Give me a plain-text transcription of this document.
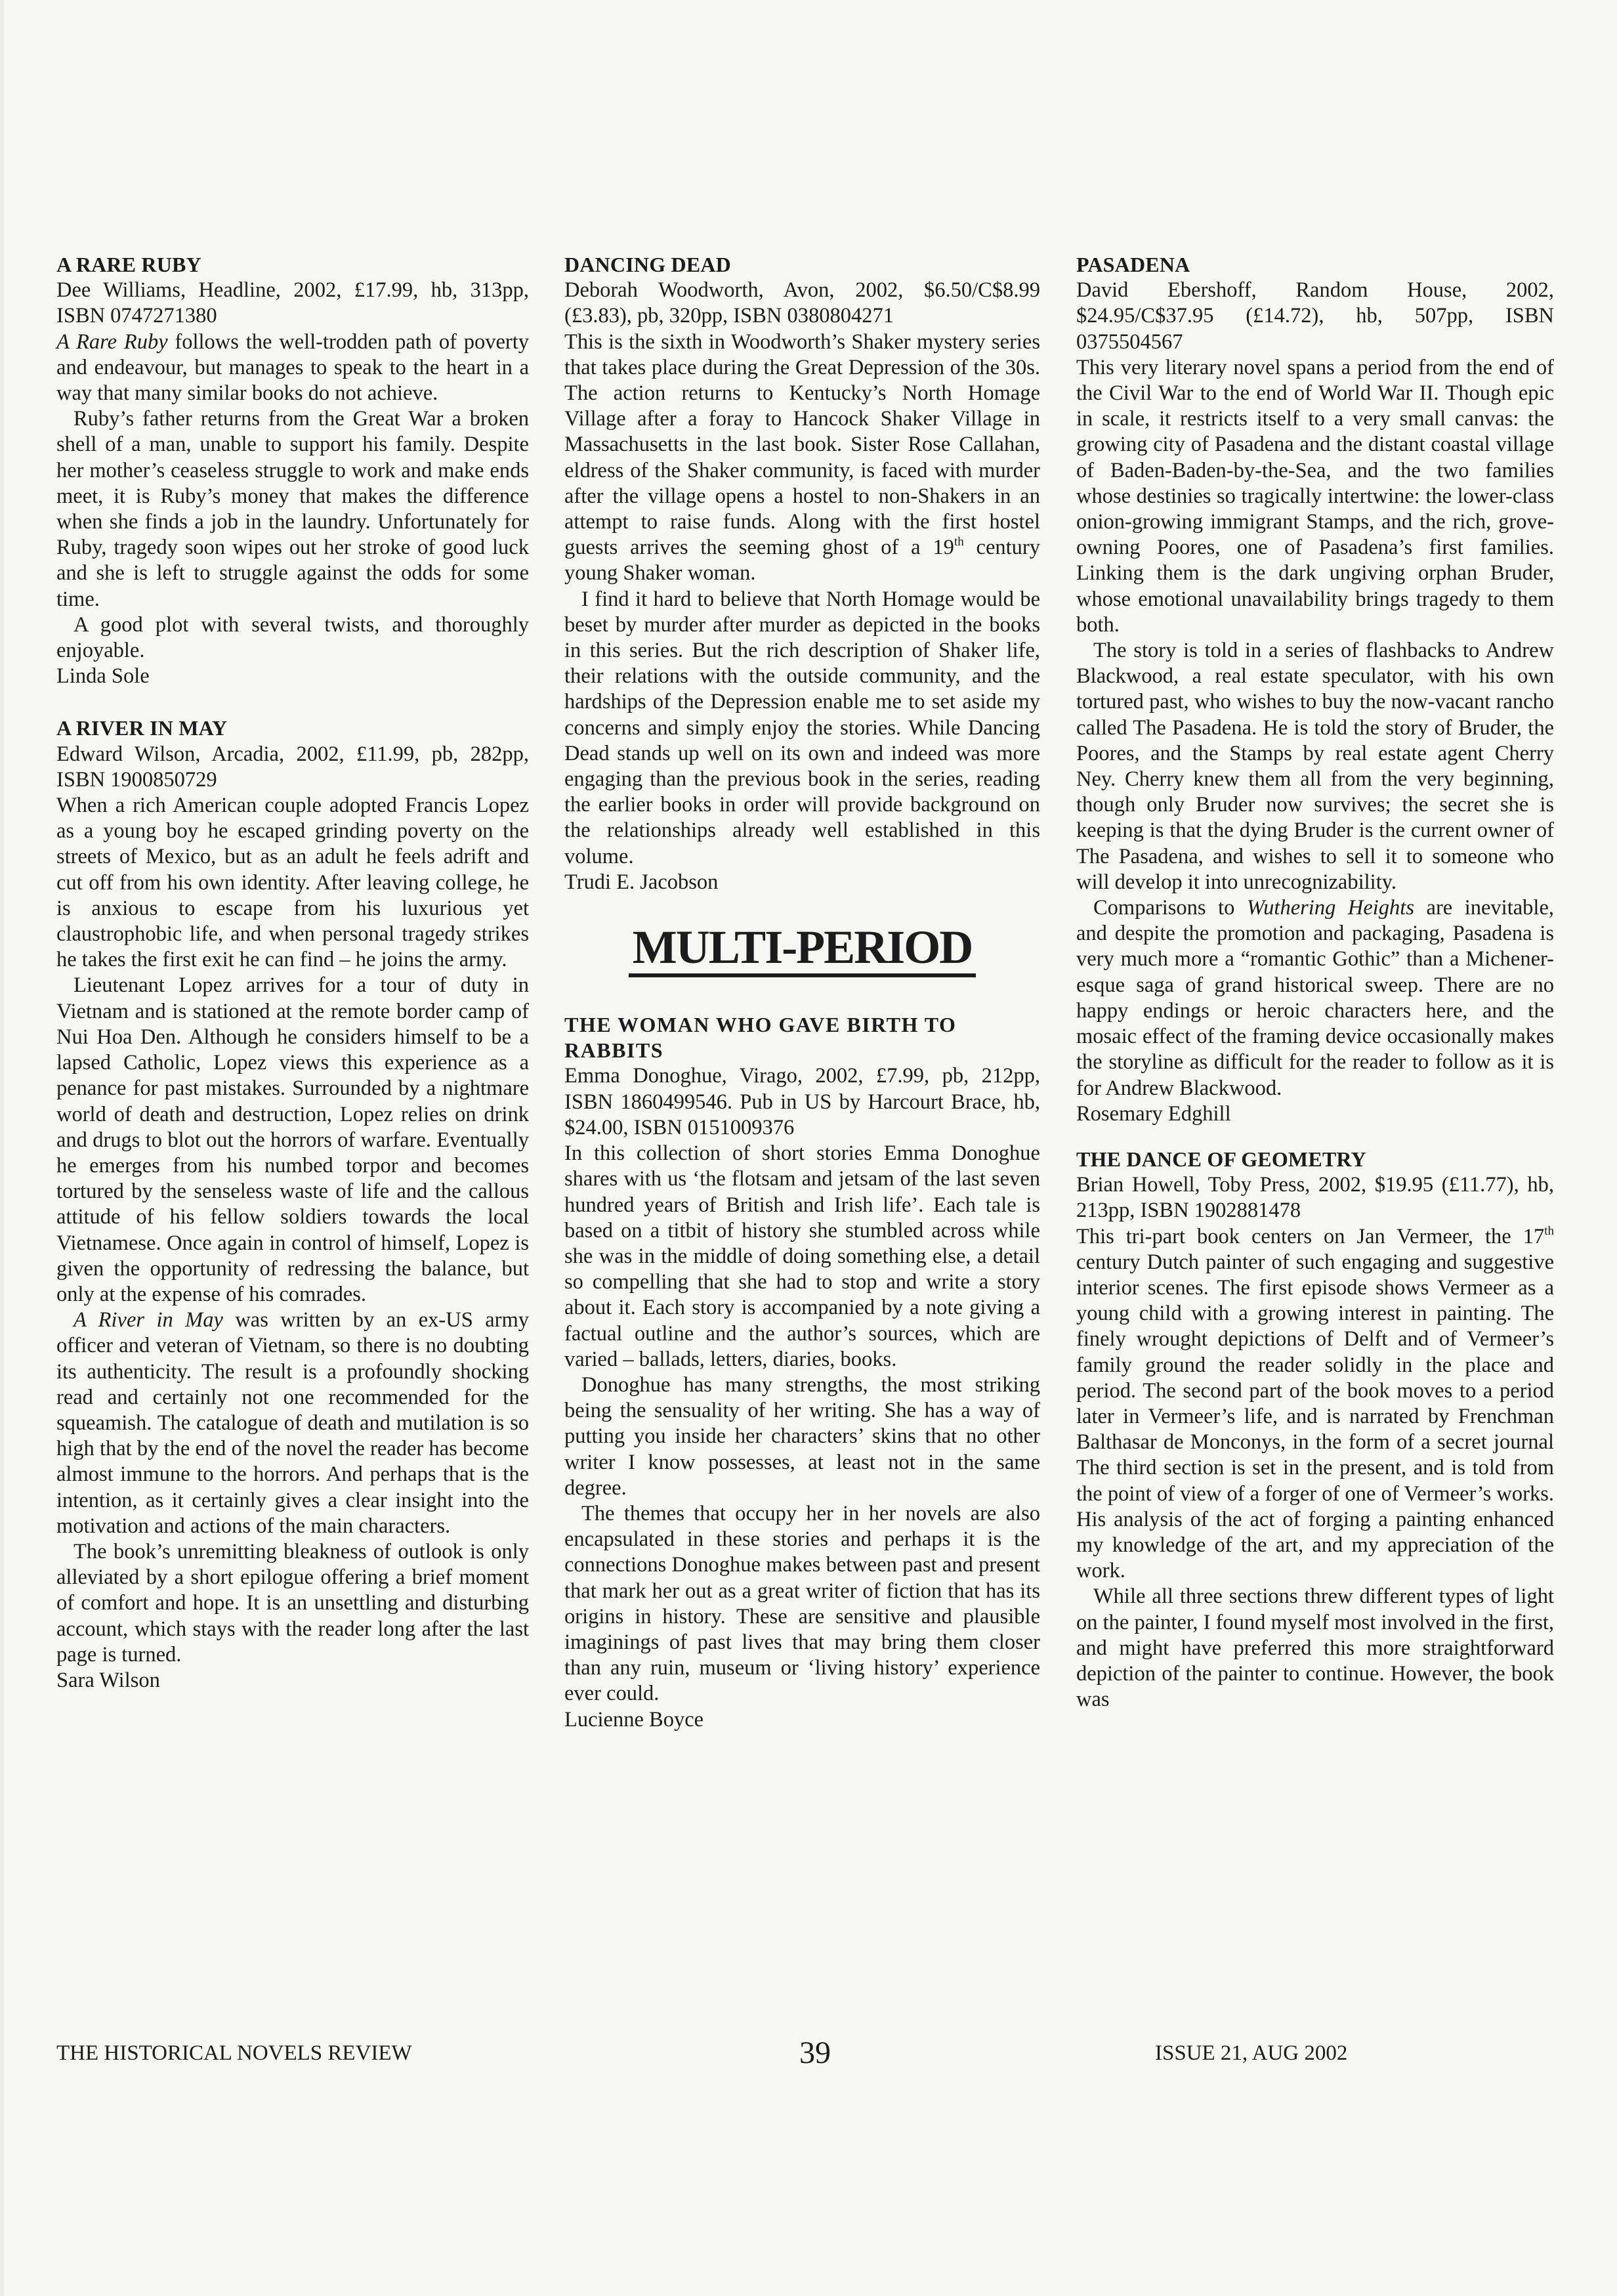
A RARE RUBY

Dee Williams, Headline, 2002, £17.99, hb, 313pp, ISBN 0747271380

A Rare Ruby follows the well-trodden path of poverty and endeavour, but manages to speak to the heart in a way that many similar books do not achieve.

Ruby’s father returns from the Great War a broken shell of a man, unable to support his family. Despite her mother’s ceaseless struggle to work and make ends meet, it is Ruby’s money that makes the difference when she finds a job in the laundry. Unfortunately for Ruby, tragedy soon wipes out her stroke of good luck and she is left to struggle against the odds for some time.

A good plot with several twists, and thoroughly enjoyable.

Linda Sole

A RIVER IN MAY

Edward Wilson, Arcadia, 2002, £11.99, pb, 282pp, ISBN 1900850729

When a rich American couple adopted Francis Lopez as a young boy he escaped grinding poverty on the streets of Mexico, but as an adult he feels adrift and cut off from his own identity. After leaving college, he is anxious to escape from his luxurious yet claustrophobic life, and when personal tragedy strikes he takes the first exit he can find – he joins the army.

Lieutenant Lopez arrives for a tour of duty in Vietnam and is stationed at the remote border camp of Nui Hoa Den. Although he considers himself to be a lapsed Catholic, Lopez views this experience as a penance for past mistakes. Surrounded by a nightmare world of death and destruction, Lopez relies on drink and drugs to blot out the horrors of warfare. Eventually he emerges from his numbed torpor and becomes tortured by the senseless waste of life and the callous attitude of his fellow soldiers towards the local Vietnamese. Once again in control of himself, Lopez is given the opportunity of redressing the balance, but only at the expense of his comrades.

A River in May was written by an ex-US army officer and veteran of Vietnam, so there is no doubting its authenticity. The result is a profoundly shocking read and certainly not one recommended for the squeamish. The catalogue of death and mutilation is so high that by the end of the novel the reader has become almost immune to the horrors. And perhaps that is the intention, as it certainly gives a clear insight into the motivation and actions of the main characters.

The book’s unremitting bleakness of outlook is only alleviated by a short epilogue offering a brief moment of comfort and hope. It is an unsettling and disturbing account, which stays with the reader long after the last page is turned.

Sara Wilson

DANCING DEAD

Deborah Woodworth, Avon, 2002, $6.50/C$8.99 (£3.83), pb, 320pp, ISBN 0380804271

This is the sixth in Woodworth’s Shaker mystery series that takes place during the Great Depression of the 30s. The action returns to Kentucky’s North Homage Village after a foray to Hancock Shaker Village in Massachusetts in the last book. Sister Rose Callahan, eldress of the Shaker community, is faced with murder after the village opens a hostel to non-Shakers in an attempt to raise funds. Along with the first hostel guests arrives the seeming ghost of a 19th century young Shaker woman.

I find it hard to believe that North Homage would be beset by murder after murder as depicted in the books in this series. But the rich description of Shaker life, their relations with the outside community, and the hardships of the Depression enable me to set aside my concerns and simply enjoy the stories. While Dancing Dead stands up well on its own and indeed was more engaging than the previous book in the series, reading the earlier books in order will provide background on the relationships already well established in this volume.

Trudi E. Jacobson

MULTI-PERIOD
THE WOMAN WHO GAVE BIRTH TO RABBITS

Emma Donoghue, Virago, 2002, £7.99, pb, 212pp, ISBN 1860499546. Pub in US by Harcourt Brace, hb, $24.00, ISBN 0151009376

In this collection of short stories Emma Donoghue shares with us ‘the flotsam and jetsam of the last seven hundred years of British and Irish life’. Each tale is based on a titbit of history she stumbled across while she was in the middle of doing something else, a detail so compelling that she had to stop and write a story about it. Each story is accompanied by a note giving a factual outline and the author’s sources, which are varied – ballads, letters, diaries, books.

Donoghue has many strengths, the most striking being the sensuality of her writing. She has a way of putting you inside her characters’ skins that no other writer I know possesses, at least not in the same degree.

The themes that occupy her in her novels are also encapsulated in these stories and perhaps it is the connections Donoghue makes between past and present that mark her out as a great writer of fiction that has its origins in history. These are sensitive and plausible imaginings of past lives that may bring them closer than any ruin, museum or ‘living history’ experience ever could.

Lucienne Boyce

PASADENA

David Ebershoff, Random House, 2002, $24.95/C$37.95 (£14.72), hb, 507pp, ISBN 0375504567

This very literary novel spans a period from the end of the Civil War to the end of World War II. Though epic in scale, it restricts itself to a very small canvas: the growing city of Pasadena and the distant coastal village of Baden-Baden-by-the-Sea, and the two families whose destinies so tragically intertwine: the lower-class onion-growing immigrant Stamps, and the rich, grove-owning Poores, one of Pasadena’s first families. Linking them is the dark ungiving orphan Bruder, whose emotional unavailability brings tragedy to them both.

The story is told in a series of flashbacks to Andrew Blackwood, a real estate speculator, with his own tortured past, who wishes to buy the now-vacant rancho called The Pasadena. He is told the story of Bruder, the Poores, and the Stamps by real estate agent Cherry Ney. Cherry knew them all from the very beginning, though only Bruder now survives; the secret she is keeping is that the dying Bruder is the current owner of The Pasadena, and wishes to sell it to someone who will develop it into unrecognizability.

Comparisons to Wuthering Heights are inevitable, and despite the promotion and packaging, Pasadena is very much more a “romantic Gothic” than a Michener-esque saga of grand historical sweep. There are no happy endings or heroic characters here, and the mosaic effect of the framing device occasionally makes the storyline as difficult for the reader to follow as it is for Andrew Blackwood.

Rosemary Edghill

THE DANCE OF GEOMETRY

Brian Howell, Toby Press, 2002, $19.95 (£11.77), hb, 213pp, ISBN 1902881478

This tri-part book centers on Jan Vermeer, the 17th century Dutch painter of such engaging and suggestive interior scenes. The first episode shows Vermeer as a young child with a growing interest in painting. The finely wrought depictions of Delft and of Vermeer’s family ground the reader solidly in the place and period. The second part of the book moves to a period later in Vermeer’s life, and is narrated by Frenchman Balthasar de Monconys, in the form of a secret journal The third section is set in the present, and is told from the point of view of a forger of one of Vermeer’s works. His analysis of the act of forging a painting enhanced my knowledge of the art, and my appreciation of the work.

While all three sections threw different types of light on the painter, I found myself most involved in the first, and might have preferred this more straightforward depiction of the painter to continue. However, the book was

THE HISTORICAL NOVELS REVIEW	39	ISSUE 21, AUG 2002
